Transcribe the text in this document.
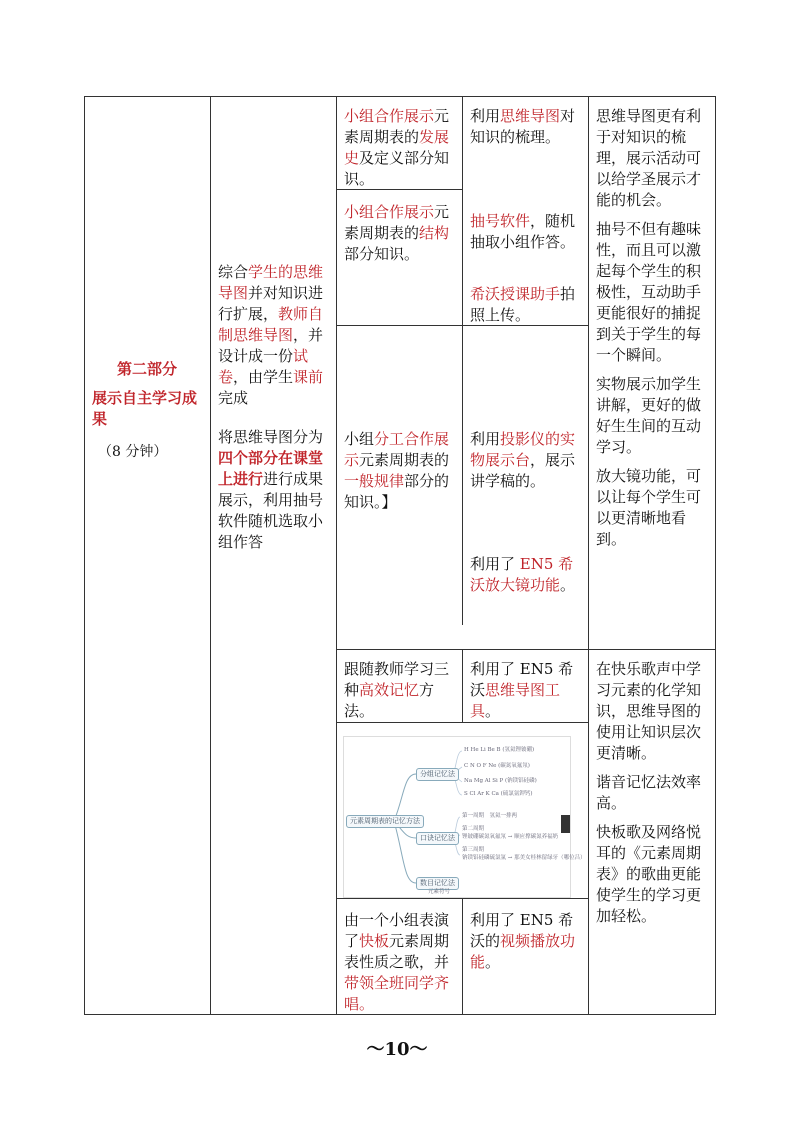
第二部分
展示自主学习成果
（8 分钟）

综合学生的思维导图并对知识进行扩展，教师自制思维导图，并设计成一份试卷，由学生课前完成

将思维导图分为四个部分在课堂上进行进行成果展示，利用抽号软件随机选取小组作答

小组合作展示元素周期表的发展史及定义部分知识。
小组合作展示元素周期表的结构部分知识。
小组分工合作展示元素周期表的一般规律部分的知识。】
跟随教师学习三种高效记忆方法。
由一个小组表演了快板元素周期表性质之歌，并带领全班同学齐唱。
利用思维导图对知识的梳理。
抽号软件，随机抽取小组作答。
希沃授课助手拍照上传。
利用投影仪的实物展示台，展示讲学稿的。
利用了 EN5 希沃放大镜功能。
利用了 EN5 希沃思维导图工具。
利用了 EN5 希沃的视频播放功能。

思维导图更有利于对知识的梳理，展示活动可以给学圣展示才能的机会。

抽号不但有趣味性，而且可以激起每个学生的积极性，互动助手更能很好的捕捉到关于学生的每一个瞬间。

实物展示加学生讲解，更好的做好生生间的互动学习。

放大镜功能，可以让每个学生可以更清晰地看到。

在快乐歌声中学习元素的化学知识，思维导图的使用让知识层次更清晰。

谐音记忆法效率高。

快板歌及网络悦耳的《元素周期表》的歌曲更能使学生的学习更加轻松。

元素周期表的记忆方法
分组记忆法
口诀记忆法
数目记忆法
H He Li Be B (氢氦锂铍硼)
C N O F Ne (碳氮氧氟氖)
Na Mg Al Si P (钠镁铝硅磷)
S Cl Ar K Ca (硫氯氩钾钙)
第一周期　氢氦一排两
第二周期
锂铍硼碳氮氧氟氖 → 顺应撑碳氮养福奶
第三周期
钠镁铝硅磷硫氯氩 → 那美女桂林留绿牙（哪位吕）
元素符号
～10～
